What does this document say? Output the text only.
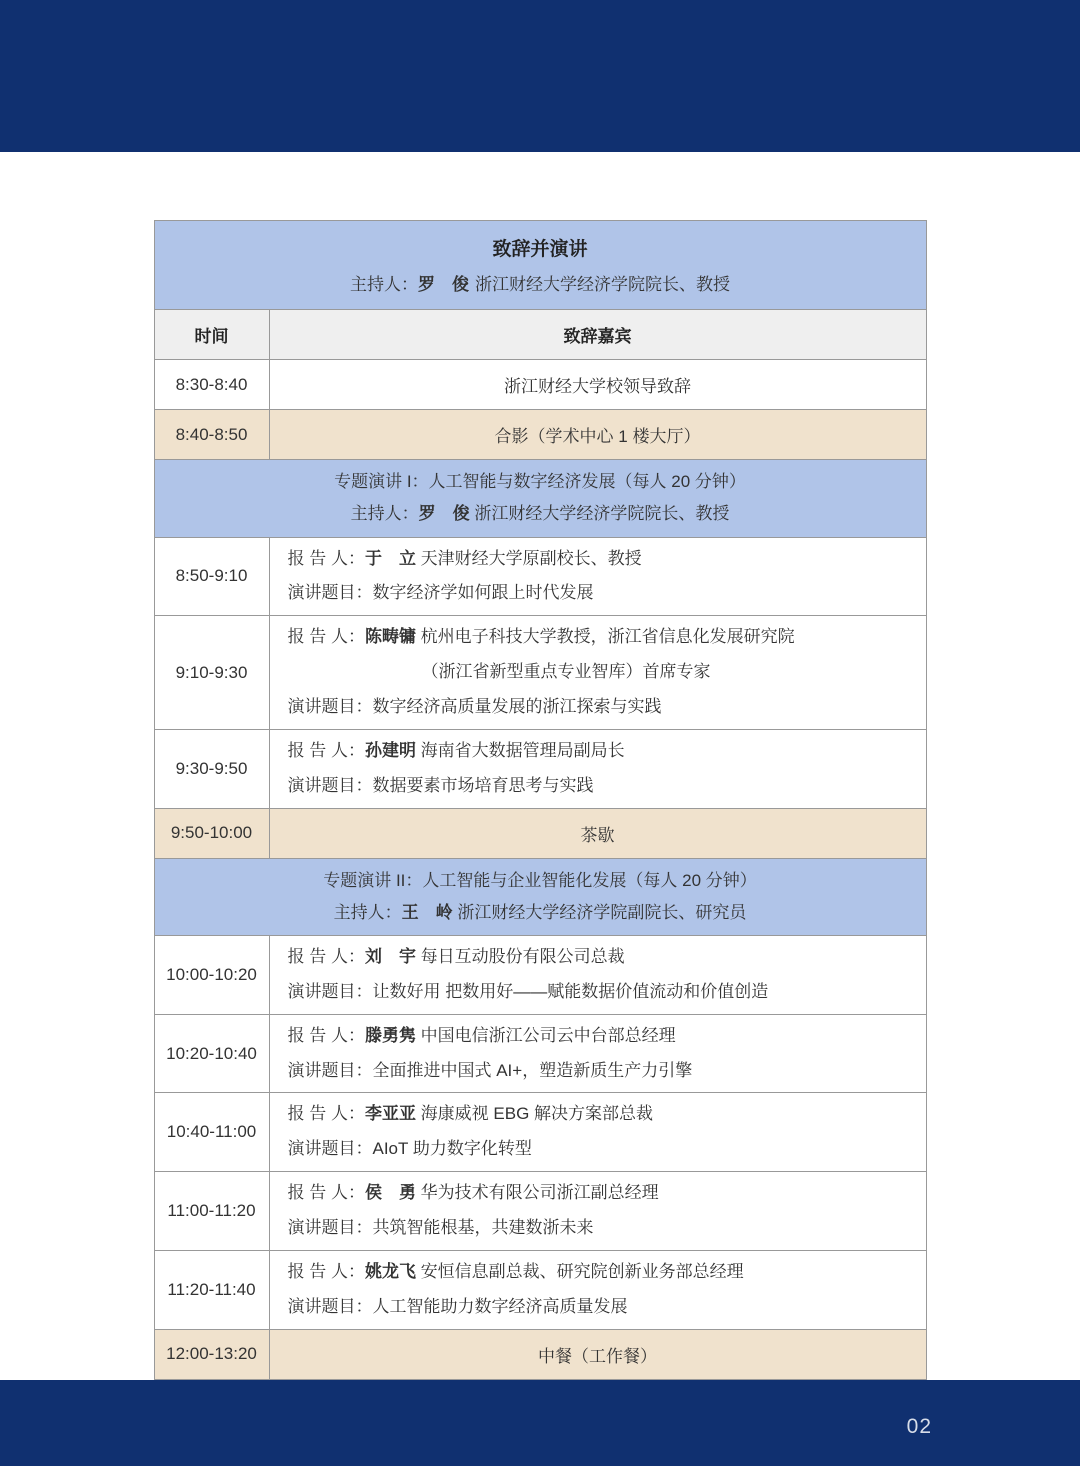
致辞并演讲
主持人：罗　俊 浙江财经大学经济学院院长、教授	

时间	致辞嘉宾
8:30-8:40	浙江财经大学校领导致辞
8:40-8:50	合影（学术中心 1 楼大厅）

专题演讲 I：人工智能与数字经济发展（每人 20 分钟）
主持人：罗　俊 浙江财经大学经济学院院长、教授	

8:50-9:10	报 告 人：于　立 天津财经大学原副校长、教授
演讲题目：数字经济学如何跟上时代发展

9:10-9:30	报 告 人：陈畴镛 杭州电子科技大学教授，浙江省信息化发展研究院
（浙江省新型重点专业智库）首席专家
演讲题目：数字经济高质量发展的浙江探索与实践

9:30-9:50	报 告 人：孙建明 海南省大数据管理局副局长
演讲题目：数据要素市场培育思考与实践

9:50-10:00	茶歇

专题演讲 II：人工智能与企业智能化发展（每人 20 分钟）
主持人：王　岭 浙江财经大学经济学院副院长、研究员	

10:00-10:20	报 告 人：刘　宇 每日互动股份有限公司总裁
演讲题目：让数好用 把数用好——赋能数据价值流动和价值创造

10:20-10:40	报 告 人：滕勇隽 中国电信浙江公司云中台部总经理
演讲题目：全面推进中国式 AI+，塑造新质生产力引擎

10:40-11:00	报 告 人：李亚亚 海康威视 EBG 解决方案部总裁
演讲题目：AIoT 助力数字化转型

11:00-11:20	报 告 人：侯　勇 华为技术有限公司浙江副总经理
演讲题目：共筑智能根基，共建数浙未来

11:20-11:40	报 告 人：姚龙飞 安恒信息副总裁、研究院创新业务部总经理
演讲题目：人工智能助力数字经济高质量发展

12:00-13:20	中餐（工作餐）
02
